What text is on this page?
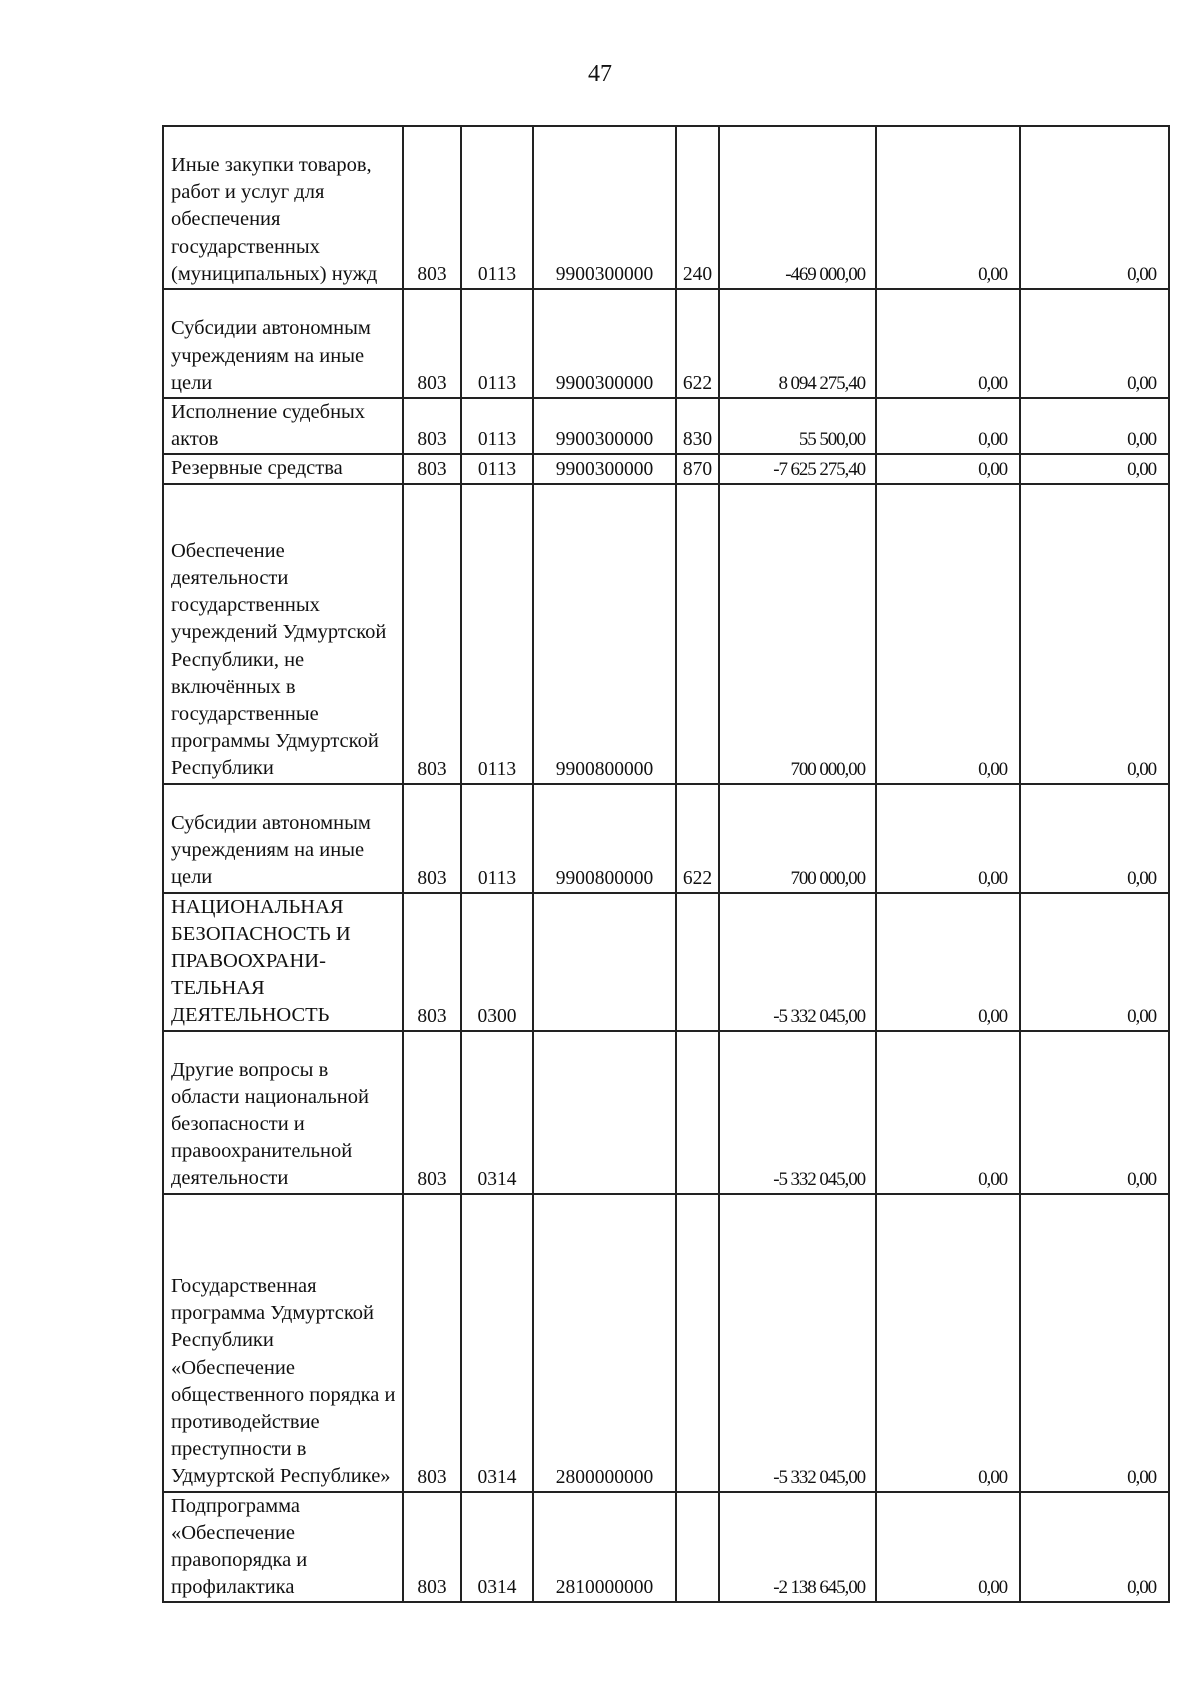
47
Иные закупки товаров, работ и услуг для обеспечения государственных (муниципальных) нужд	803	0113	9900300000	240	-469 000,00	0,00	0,00
Субсидии автономным учреждениям на иные цели	803	0113	9900300000	622	8 094 275,40	0,00	0,00
Исполнение судебных актов	803	0113	9900300000	830	55 500,00	0,00	0,00
Резервные средства	803	0113	9900300000	870	-7 625 275,40	0,00	0,00
Обеспечение деятельности государственных учреждений Удмуртской Республики, не включённых в государственные программы Удмуртской Республики	803	0113	9900800000		700 000,00	0,00	0,00
Субсидии автономным учреждениям на иные цели	803	0113	9900800000	622	700 000,00	0,00	0,00
НАЦИОНАЛЬНАЯ БЕЗОПАСНОСТЬ И ПРАВООХРАНИ-ТЕЛЬНАЯ ДЕЯТЕЛЬНОСТЬ	803	0300			-5 332 045,00	0,00	0,00
Другие вопросы в области национальной безопасности и правоохранительной деятельности	803	0314			-5 332 045,00	0,00	0,00
Государственная программа Удмуртской Республики «Обеспечение общественного порядка и противодействие преступности в Удмуртской Республике»	803	0314	2800000000		-5 332 045,00	0,00	0,00
Подпрограмма «Обеспечение правопорядка и профилактика	803	0314	2810000000		-2 138 645,00	0,00	0,00
